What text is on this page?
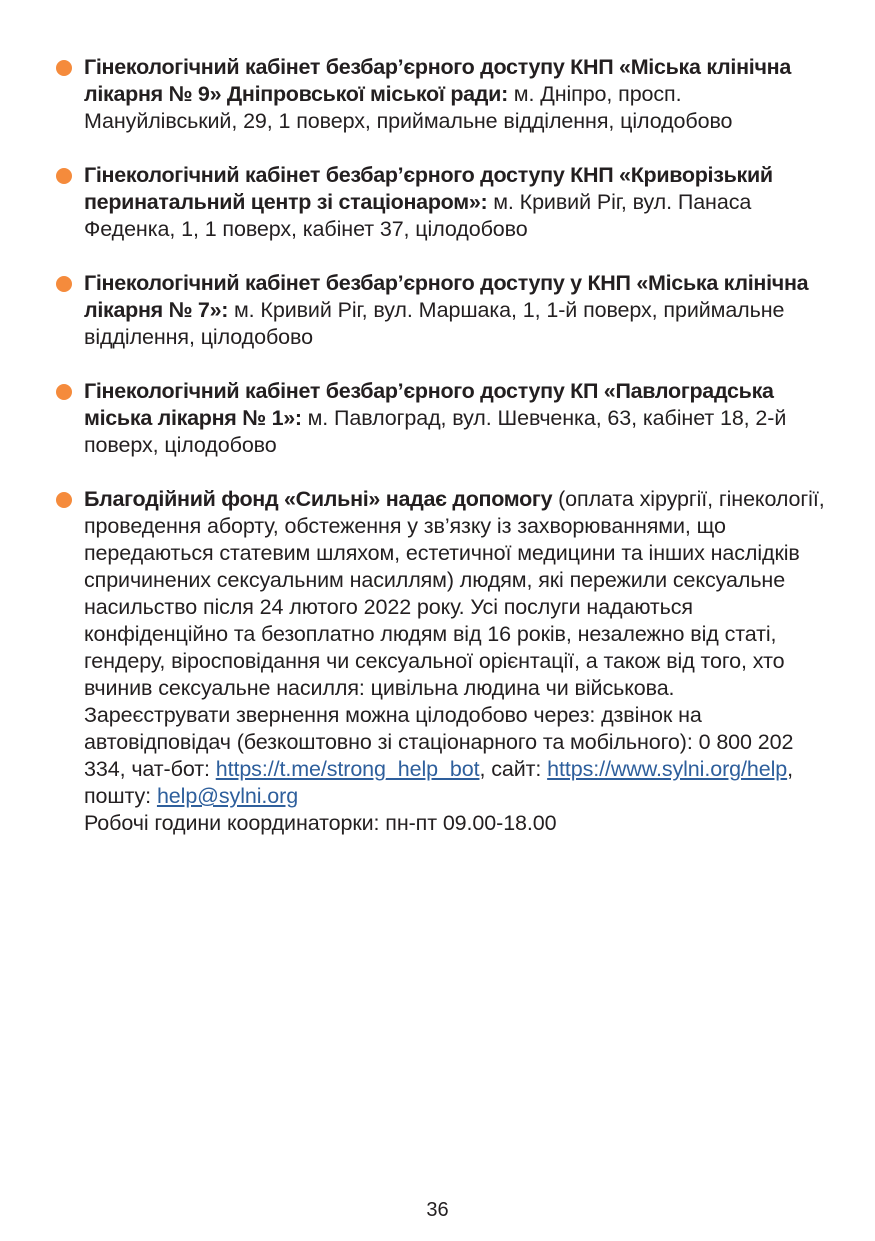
Гінекологічний кабінет безбар’єрного доступу КНП «Міська клінічна лікарня № 9» Дніпровської міської ради: м. Дніпро, просп. Мануйлівський, 29, 1 поверх, приймальне відділення, цілодобово
Гінекологічний кабінет безбар’єрного доступу КНП «Криворізький перинатальний центр зі стаціонаром»: м. Кривий Ріг, вул. Панаса Феденка, 1, 1 поверх, кабінет 37, цілодобово
Гінекологічний кабінет безбар’єрного доступу у КНП «Міська клінічна лікарня № 7»: м. Кривий Ріг, вул. Маршака, 1, 1-й поверх, приймальне відділення, цілодобово
Гінекологічний кабінет безбар’єрного доступу КП «Павлоградська міська лікарня № 1»: м. Павлоград, вул. Шевченка, 63, кабінет 18, 2-й поверх, цілодобово
Благодійний фонд «Сильні» надає допомогу (оплата хірургії, гінекології, проведення аборту, обстеження у зв’язку із захворюваннями, що передаються статевим шляхом, естетичної медицини та інших наслідків спричинених сексуальним насиллям) людям, які пережили сексуальне насильство після 24 лютого 2022 року. Усі послуги надаються конфіденційно та безоплатно людям від 16 років, незалежно від статі, гендеру, віросповідання чи сексуальної орієнтації, а також від того, хто вчинив сексуальне насилля: цивільна людина чи військова. Зареєструвати звернення можна цілодобово через: дзвінок на автовідповідач (безкоштовно зі стаціонарного та мобільного): 0 800 202 334, чат-бот: https://t.me/strong_help_bot, сайт: https://www.sylni.org/help, пошту: help@sylni.org
Робочі години координаторки: пн-пт 09.00-18.00
36
